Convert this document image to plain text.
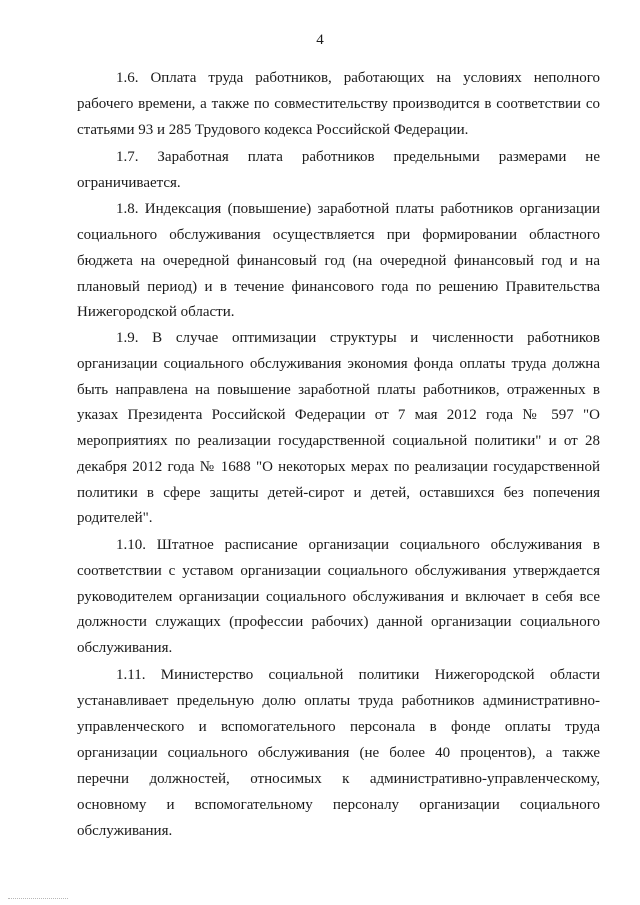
4
1.6. Оплата труда работников, работающих на условиях неполного
рабочего времени, а также по совместительству производится в соответствии со
статьями 93 и 285 Трудового кодекса Российской Федерации.
1.7. Заработная плата работников предельными размерами не
ограничивается.
1.8. Индексация (повышение) заработной платы работников организации
социального обслуживания осуществляется при формировании областного
бюджета на очередной финансовый год (на очередной финансовый год и на
плановый период) и в течение финансового года по решению Правительства
Нижегородской области.
1.9. В случае оптимизации структуры и численности работников
организации социального обслуживания экономия фонда оплаты труда должна
быть направлена на повышение заработной платы работников, отраженных в
указах Президента Российской Федерации от 7 мая 2012 года № 597 "О
мероприятиях по реализации государственной социальной политики" и от 28
декабря 2012 года № 1688 "О некоторых мерах по реализации государственной
политики в сфере защиты детей-сирот и детей, оставшихся без попечения
родителей".
1.10. Штатное расписание организации социального обслуживания в
соответствии с уставом организации социального обслуживания утверждается
руководителем организации социального обслуживания и включает в себя все
должности служащих (профессии рабочих) данной организации социального
обслуживания.
1.11. Министерство социальной политики Нижегородской области
устанавливает предельную долю оплаты труда работников административно-
управленческого и вспомогательного персонала в фонде оплаты труда
организации социального обслуживания (не более 40 процентов), а также
перечни должностей, относимых к административно-управленческому,
основному и вспомогательному персоналу организации социального
обслуживания.
